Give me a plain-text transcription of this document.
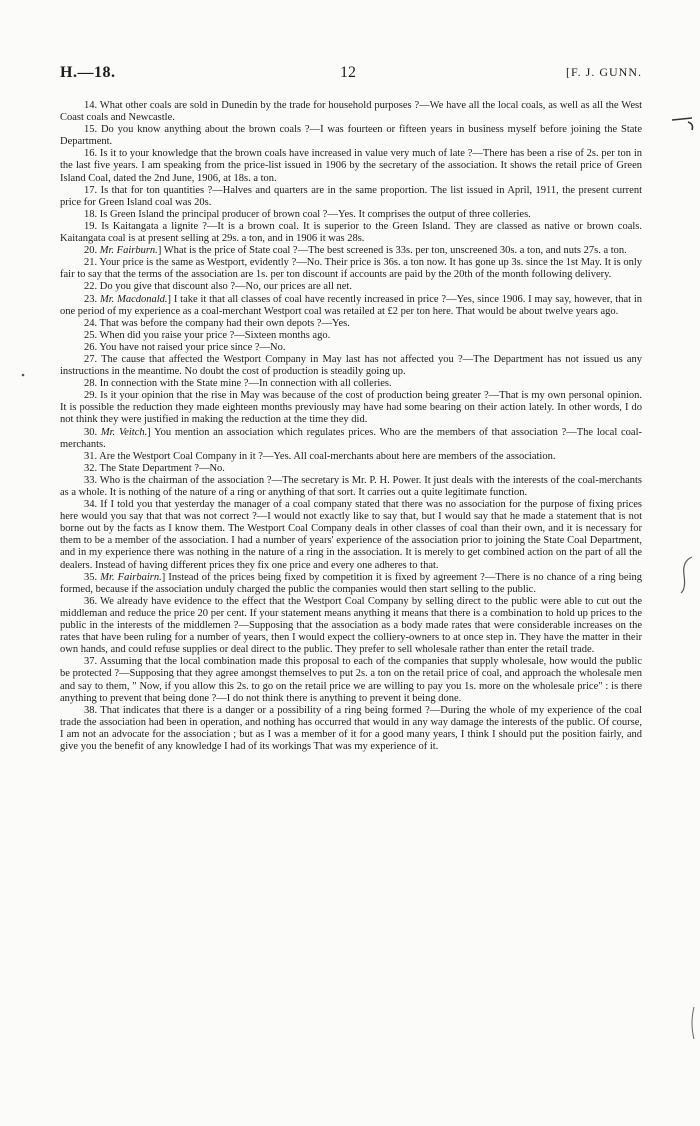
H.—18.	12	[F. J. GUNN.

14. What other coals are sold in Dunedin by the trade for household purposes ?—We have all the local coals, as well as all the West Coast coals and Newcastle.

15. Do you know anything about the brown coals ?—I was fourteen or fifteen years in business myself before joining the State Department.

16. Is it to your knowledge that the brown coals have increased in value very much of late ?—There has been a rise of 2s. per ton in the last five years. I am speaking from the price-list issued in 1906 by the secretary of the association. It shows the retail price of Green Island Coal, dated the 2nd June, 1906, at 18s. a ton.

17. Is that for ton quantities ?—Halves and quarters are in the same proportion. The list issued in April, 1911, the present current price for Green Island coal was 20s.

18. Is Green Island the principal producer of brown coal ?—Yes. It comprises the output of three colleries.

19. Is Kaitangata a lignite ?—It is a brown coal. It is superior to the Green Island. They are classed as native or brown coals. Kaitangata coal is at present selling at 29s. a ton, and in 1906 it was 28s.

20. Mr. Fairburn.] What is the price of State coal ?—The best screened is 33s. per ton, unscreened 30s. a ton, and nuts 27s. a ton.

21. Your price is the same as Westport, evidently ?—No. Their price is 36s. a ton now. It has gone up 3s. since the 1st May. It is only fair to say that the terms of the association are 1s. per ton discount if accounts are paid by the 20th of the month following delivery.

22. Do you give that discount also ?—No, our prices are all net.

23. Mr. Macdonald.] I take it that all classes of coal have recently increased in price ?—Yes, since 1906. I may say, however, that in one period of my experience as a coal-merchant Westport coal was retailed at £2 per ton here. That would be about twelve years ago.

24. That was before the company had their own depots ?—Yes.

25. When did you raise your price ?—Sixteen months ago.

26. You have not raised your price since ?—No.

27. The cause that affected the Westport Company in May last has not affected you ?—The Department has not issued us any instructions in the meantime. No doubt the cost of production is steadily going up.

28. In connection with the State mine ?—In connection with all colleries.

29. Is it your opinion that the rise in May was because of the cost of production being greater ?—That is my own personal opinion. It is possible the reduction they made eighteen months previously may have had some bearing on their action lately. In other words, I do not think they were justified in making the reduction at the time they did.

30. Mr. Veitch.] You mention an association which regulates prices. Who are the members of that association ?—The local coal-merchants.

31. Are the Westport Coal Company in it ?—Yes. All coal-merchants about here are members of the association.

32. The State Department ?—No.

33. Who is the chairman of the association ?—The secretary is Mr. P. H. Power. It just deals with the interests of the coal-merchants as a whole. It is nothing of the nature of a ring or anything of that sort. It carries out a quite legitimate function.

34. If I told you that yesterday the manager of a coal company stated that there was no association for the purpose of fixing prices here would you say that that was not correct ?—I would not exactly like to say that, but I would say that he made a statement that is not borne out by the facts as I know them. The Westport Coal Company deals in other classes of coal than their own, and it is necessary for them to be a member of the association. I had a number of years' experience of the association prior to joining the State Coal Department, and in my experience there was nothing in the nature of a ring in the association. It is merely to get combined action on the part of all the dealers. Instead of having different prices they fix one price and every one adheres to that.

35. Mr. Fairbairn.] Instead of the prices being fixed by competition it is fixed by agreement ?—There is no chance of a ring being formed, because if the association unduly charged the public the companies would then start selling to the public.

36. We already have evidence to the effect that the Westport Coal Company by selling direct to the public were able to cut out the middleman and reduce the price 20 per cent. If your statement means anything it means that there is a combination to hold up prices to the public in the interests of the middlemen ?—Supposing that the association as a body made rates that were considerable increases on the rates that have been ruling for a number of years, then I would expect the colliery-owners to at once step in. They have the matter in their own hands, and could refuse supplies or deal direct to the public. They prefer to sell wholesale rather than enter the retail trade.

37. Assuming that the local combination made this proposal to each of the companies that supply wholesale, how would the public be protected ?—Supposing that they agree amongst themselves to put 2s. a ton on the retail price of coal, and approach the wholesale men and say to them, " Now, if you allow this 2s. to go on the retail price we are willing to pay you 1s. more on the wholesale price" : is there anything to prevent that being done ?—I do not think there is anything to prevent it being done.

38. That indicates that there is a danger or a possibility of a ring being formed ?—During the whole of my experience of the coal trade the association had been in operation, and nothing has occurred that would in any way damage the interests of the public. Of course, I am not an advocate for the association ; but as I was a member of it for a good many years, I think I should put the position fairly, and give you the benefit of any knowledge I had of its workings That was my experience of it.
